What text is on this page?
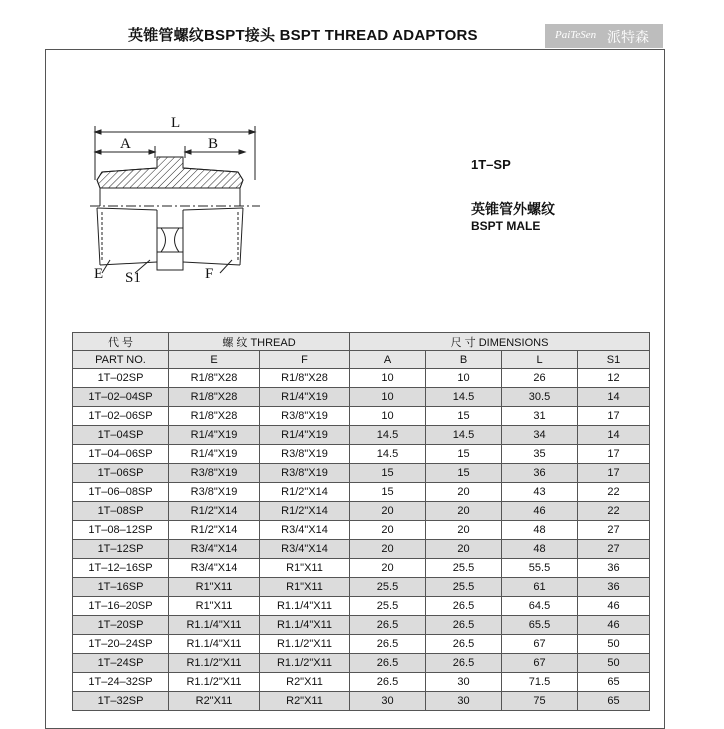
英锥管螺纹BSPT接头 BSPT THREAD ADAPTORS	PaiTeSen 派特森
L
A	B
E S1	F
1T–SP
英锥管外螺纹
BSPT MALE
代 号	螺 纹 THREAD		尺 寸 DIMENSIONS			
PART NO.	E	F	A	B	L	S1
1T–02SP	R1/8"X28	R1/8"X28	10	10	26	12
1T–02–04SP	R1/8"X28	R1/4"X19	10	14.5	30.5	14
1T–02–06SP	R1/8"X28	R3/8"X19	10	15	31	17
1T–04SP	R1/4"X19	R1/4"X19	14.5	14.5	34	14
1T–04–06SP	R1/4"X19	R3/8"X19	14.5	15	35	17
1T–06SP	R3/8"X19	R3/8"X19	15	15	36	17
1T–06–08SP	R3/8"X19	R1/2"X14	15	20	43	22
1T–08SP	R1/2"X14	R1/2"X14	20	20	46	22
1T–08–12SP	R1/2"X14	R3/4"X14	20	20	48	27
1T–12SP	R3/4"X14	R3/4"X14	20	20	48	27
1T–12–16SP	R3/4"X14	R1"X11	20	25.5	55.5	36
1T–16SP	R1"X11	R1"X11	25.5	25.5	61	36
1T–16–20SP	R1"X11	R1.1/4"X11	25.5	26.5	64.5	46
1T–20SP	R1.1/4"X11	R1.1/4"X11	26.5	26.5	65.5	46
1T–20–24SP	R1.1/4"X11	R1.1/2"X11	26.5	26.5	67	50
1T–24SP	R1.1/2"X11	R1.1/2"X11	26.5	26.5	67	50
1T–24–32SP	R1.1/2"X11	R2"X11	26.5	30	71.5	65
1T–32SP	R2"X11	R2"X11	30	30	75	65
